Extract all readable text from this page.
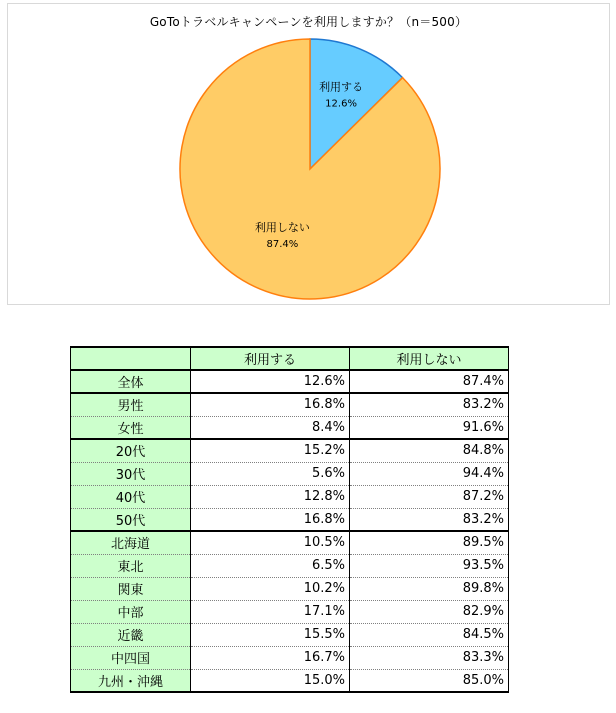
GoToトラベルキャンペーンを利用しますか？（n＝500）
利用する
12.6%
利用しない
87.4%
	利用する	利用しない
全体	12.6%	87.4%
男性	16.8%	83.2%
女性	8.4%	91.6%
20代	15.2%	84.8%
30代	5.6%	94.4%
40代	12.8%	87.2%
50代	16.8%	83.2%
北海道	10.5%	89.5%
東北	6.5%	93.5%
関東	10.2%	89.8%
中部	17.1%	82.9%
近畿	15.5%	84.5%
中四国	16.7%	83.3%
九州・沖縄	15.0%	85.0%
